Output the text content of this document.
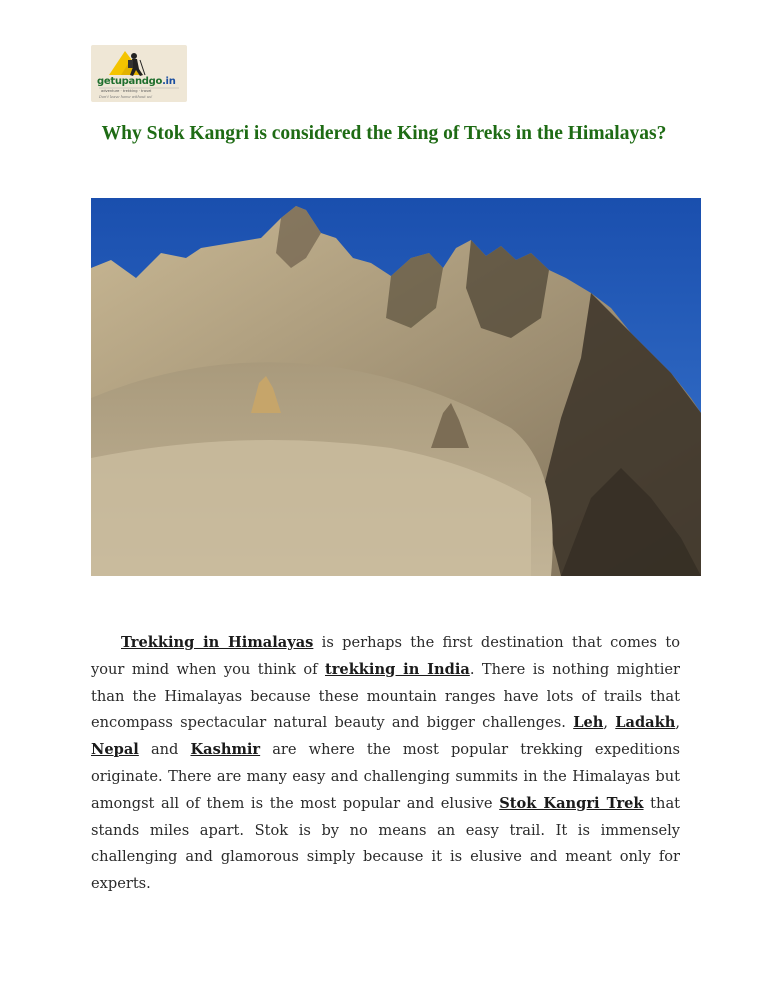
getupandgo.in
adventure · trekking · travel
Don't leave home without us!
Why Stok Kangri is considered the King of Treks in the Himalayas?

Trekking in Himalayas is perhaps the first destination that comes to your mind when you think of trekking in India. There is nothing mightier than the Himalayas because these mountain ranges have lots of trails that encompass spectacular natural beauty and bigger challenges. Leh, Ladakh, Nepal and Kashmir are where the most popular trekking expeditions originate. There are many easy and challenging summits in the Himalayas but amongst all of them is the most popular and elusive Stok Kangri Trek that stands miles apart. Stok is by no means an easy trail. It is immensely challenging and glamorous simply because it is elusive and meant only for experts.
